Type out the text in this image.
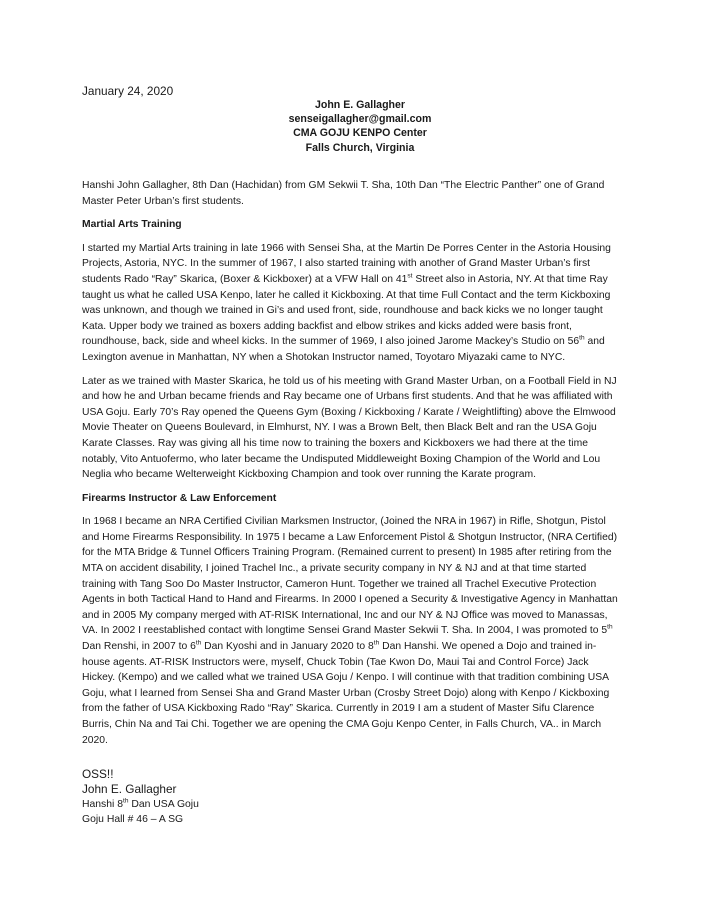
January 24, 2020
John E. Gallagher
senseigallagher@gmail.com
CMA GOJU KENPO Center
Falls Church, Virginia

Hanshi John Gallagher, 8th Dan (Hachidan) from GM Sekwii T. Sha, 10th Dan “The Electric Panther” one of Grand Master Peter Urban’s first students.

Martial Arts Training

I started my Martial Arts training in late 1966 with Sensei Sha, at the Martin De Porres Center in the Astoria Housing Projects, Astoria, NYC. In the summer of 1967, I also started training with another of Grand Master Urban’s first students Rado “Ray” Skarica, (Boxer & Kickboxer) at a VFW Hall on 41st Street also in Astoria, NY. At that time Ray taught us what he called USA Kenpo, later he called it Kickboxing. At that time Full Contact and the term Kickboxing was unknown, and though we trained in Gi’s and used front, side, roundhouse and back kicks we no longer taught Kata. Upper body we trained as boxers adding backfist and elbow strikes and kicks added were basis front, roundhouse, back, side and wheel kicks. In the summer of 1969, I also joined Jarome Mackey’s Studio on 56th and Lexington avenue in Manhattan, NY when a Shotokan Instructor named, Toyotaro Miyazaki came to NYC.

Later as we trained with Master Skarica, he told us of his meeting with Grand Master Urban, on a Football Field in NJ and how he and Urban became friends and Ray became one of Urbans first students. And that he was affiliated with USA Goju. Early 70’s Ray opened the Queens Gym (Boxing / Kickboxing / Karate / Weightlifting) above the Elmwood Movie Theater on Queens Boulevard, in Elmhurst, NY. I was a Brown Belt, then Black Belt and ran the USA Goju Karate Classes. Ray was giving all his time now to training the boxers and Kickboxers we had there at the time notably, Vito Antuofermo, who later became the Undisputed Middleweight Boxing Champion of the World and Lou Neglia who became Welterweight Kickboxing Champion and took over running the Karate program.

Firearms Instructor & Law Enforcement

In 1968 I became an NRA Certified Civilian Marksmen Instructor, (Joined the NRA in 1967) in Rifle, Shotgun, Pistol and Home Firearms Responsibility. In 1975 I became a Law Enforcement Pistol & Shotgun Instructor, (NRA Certified) for the MTA Bridge & Tunnel Officers Training Program. (Remained current to present) In 1985 after retiring from the MTA on accident disability, I joined Trachel Inc., a private security company in NY & NJ and at that time started training with Tang Soo Do Master Instructor, Cameron Hunt. Together we trained all Trachel Executive Protection Agents in both Tactical Hand to Hand and Firearms. In 2000 I opened a Security & Investigative Agency in Manhattan and in 2005 My company merged with AT-RISK International, Inc and our NY & NJ Office was moved to Manassas, VA. In 2002 I reestablished contact with longtime Sensei Grand Master Sekwii T. Sha. In 2004, I was promoted to 5th Dan Renshi, in 2007 to 6th Dan Kyoshi and in January 2020 to 8th Dan Hanshi. We opened a Dojo and trained in-house agents. AT-RISK Instructors were, myself, Chuck Tobin (Tae Kwon Do, Maui Tai and Control Force) Jack Hickey. (Kempo) and we called what we trained USA Goju / Kenpo. I will continue with that tradition combining USA Goju, what I learned from Sensei Sha and Grand Master Urban (Crosby Street Dojo) along with Kenpo / Kickboxing from the father of USA Kickboxing Rado “Ray” Skarica. Currently in 2019 I am a student of Master Sifu Clarence Burris, Chin Na and Tai Chi. Together we are opening the CMA Goju Kenpo Center, in Falls Church, VA.. in March 2020.

OSS!!
John E. Gallagher
Hanshi 8th Dan USA Goju
Goju Hall # 46 – A SG
